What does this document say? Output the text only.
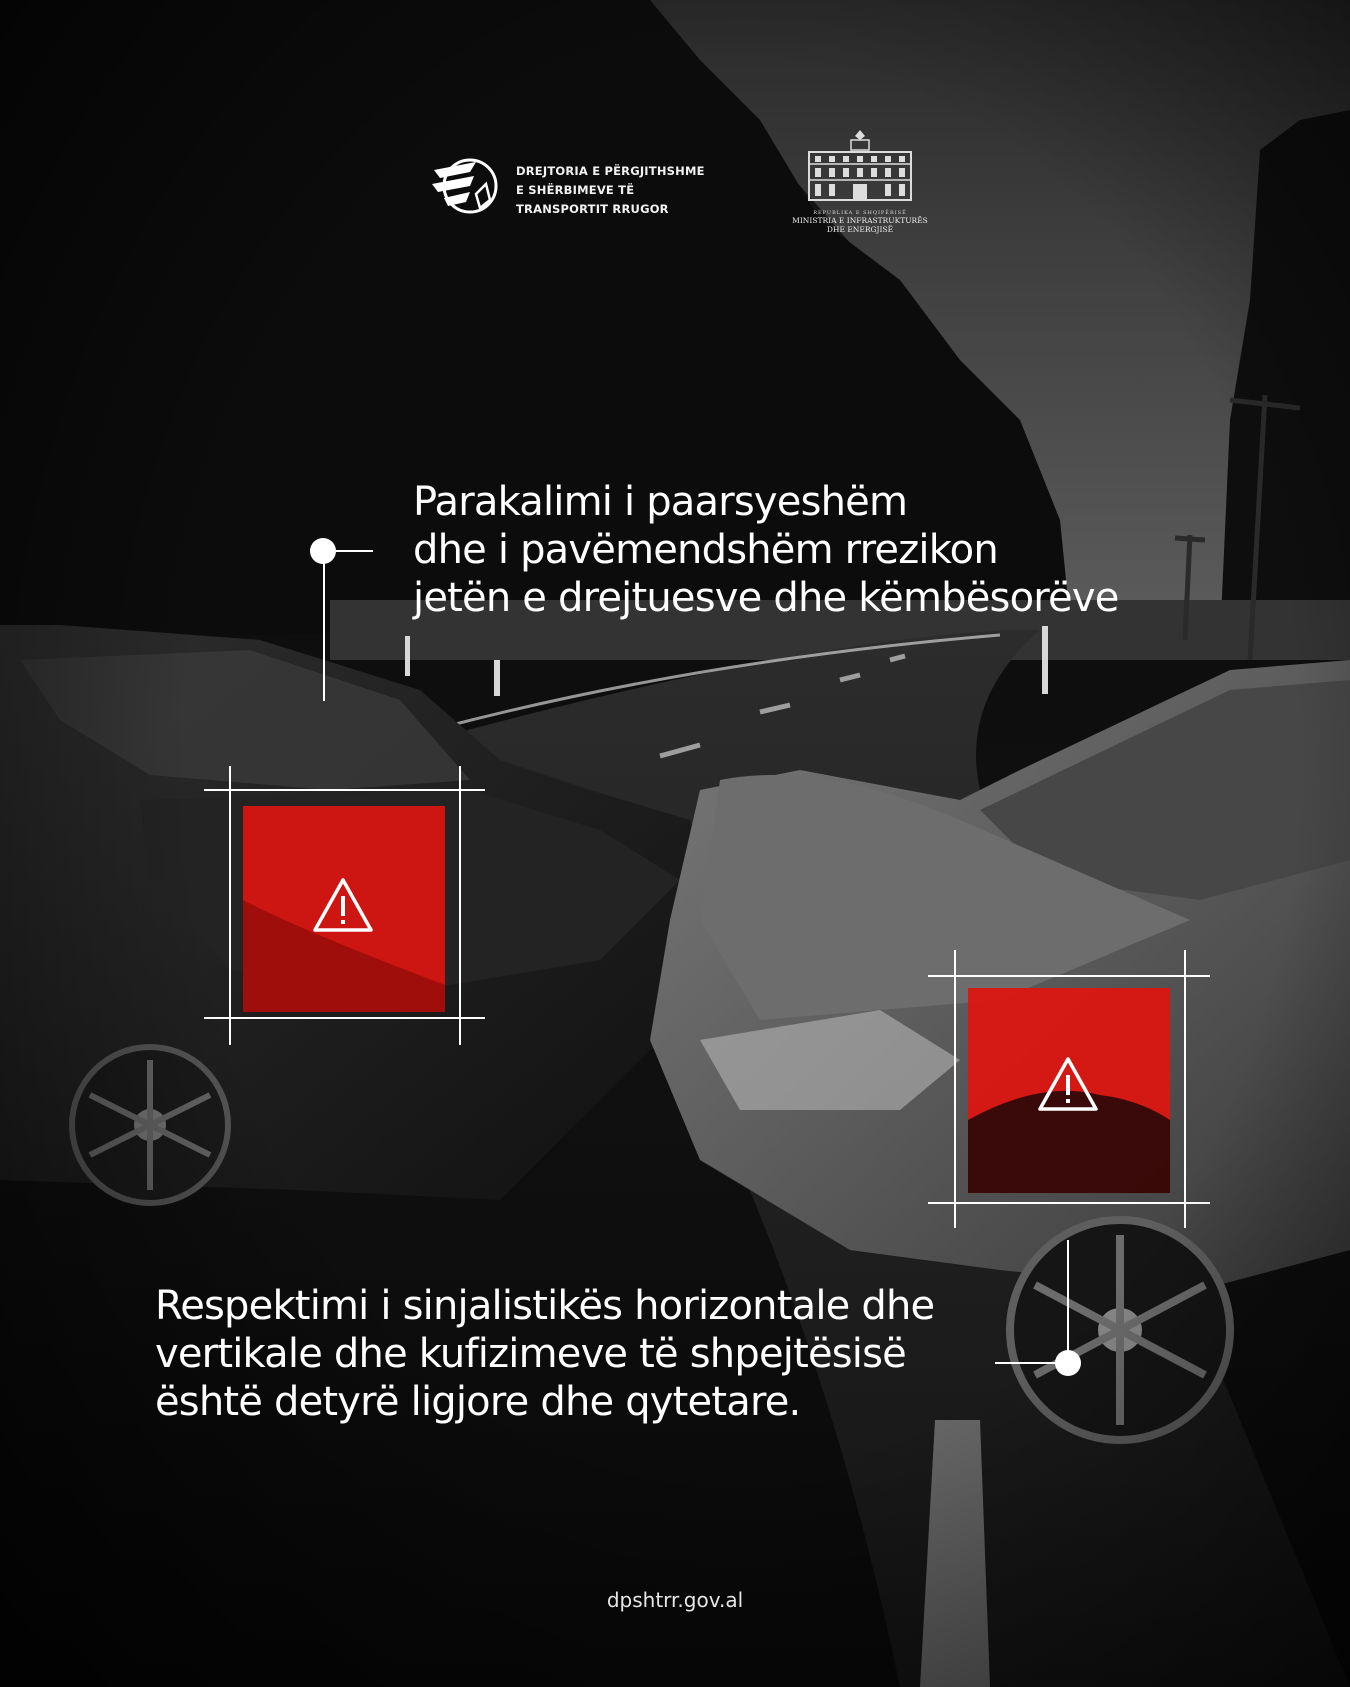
DREJTORIA E PËRGJITHSHME
E SHËRBIMEVE TË
TRANSPORTIT RRUGOR	REPUBLIKA E SHQIPËRISË
MINISTRIA E INFRASTRUKTURËS
DHE ENERGJISË
Parakalimi i paarsyeshëm
dhe i pavëmendshëm rrezikon
jetën e drejtuesve dhe këmbësorëve
Respektimi i sinjalistikës horizontale dhe
vertikale dhe kufizimeve të shpejtësisë
është detyrë ligjore dhe qytetare.
dpshtrr.gov.al
